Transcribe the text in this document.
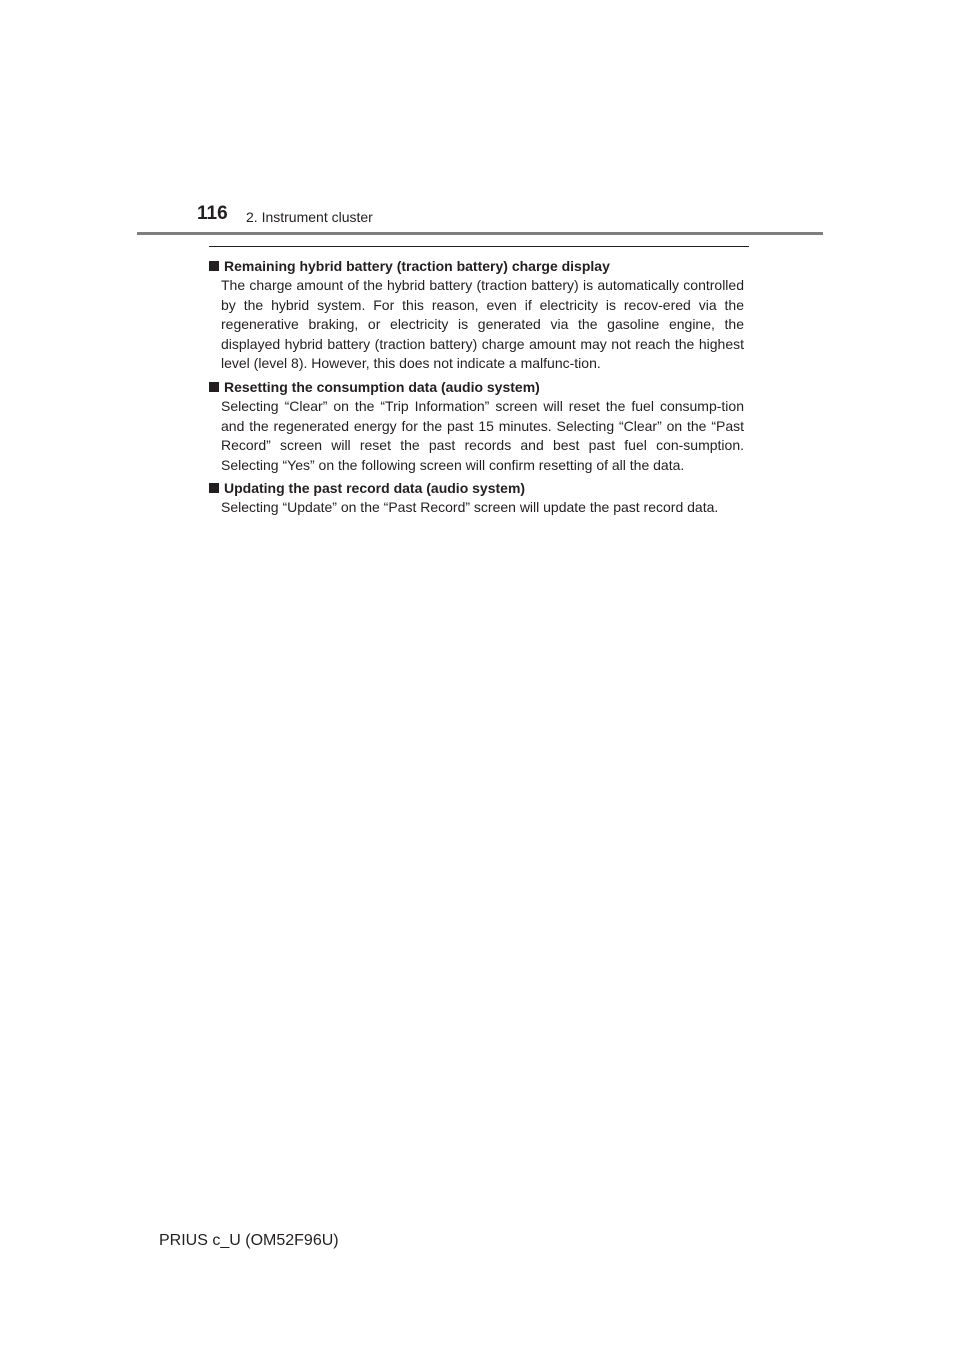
116 2. Instrument cluster
Remaining hybrid battery (traction battery) charge display

The charge amount of the hybrid battery (traction battery) is automatically controlled by the hybrid system. For this reason, even if electricity is recov-ered via the regenerative braking, or electricity is generated via the gasoline engine, the displayed hybrid battery (traction battery) charge amount may not reach the highest level (level 8). However, this does not indicate a malfunc-tion.

Resetting the consumption data (audio system)

Selecting “Clear” on the “Trip Information” screen will reset the fuel consump-tion and the regenerated energy for the past 15 minutes. Selecting “Clear” on the “Past Record” screen will reset the past records and best past fuel con-sumption. Selecting “Yes” on the following screen will confirm resetting of all the data.

Updating the past record data (audio system)

Selecting “Update” on the “Past Record” screen will update the past record data.

PRIUS c_U (OM52F96U)
